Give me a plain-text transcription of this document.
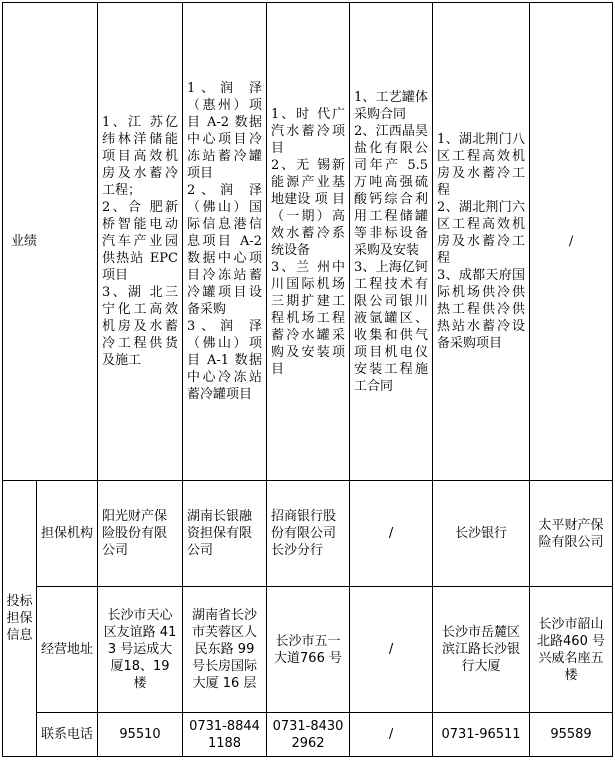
业绩		1、江 苏亿纬林洋储能项目高效机房及水蓄冷工程；
2、合 肥新桥智能电动汽车产业园供热站 EPC 项目
3、湖 北三宁化工高效机房及水蓄冷工程供货及施工	1、润 泽（惠州）项目 A-2 数据中心项目冷冻站蓄冷罐项目
2、润 泽（佛山）国际信息港信息项目 A-2 数据中心项目冷冻站蓄冷罐项目设备采购
3、润 泽（佛山）项目 A-1 数据中心冷冻站蓄冷罐项目	1、时 代广汽水蓄冷项目
2、无 锡新能源产业基地建设 项 目（一期）高效水蓄冷系统设备
3、兰 州中川国际机场三期扩建工程机场工程蓄冷水罐采购及安装项目	1、工艺罐体采购合同
2、江西晶昊盐化有限公司年产 5.5 万吨高强硫酸钙综合利用工程储罐等非标设备采购及安装
3、上海亿钶工程技术有限公司银川液氩罐区、收集和供气项目机电仪安装工程施工合同	1、湖北荆门八区工程高效机房及水蓄冷工程
2、湖北荆门六区工程高效机房及水蓄冷工程
3、成都天府国际机场供冷供热工程供冷供热站水蓄冷设备采购项目	/
投标担保信息	担保机构	阳光财产保险股份有限公司	湖南长银融资担保有限公司	招商银行股份有限公司长沙分行	/	长沙银行	太平财产保险有限公司
	经营地址	长沙市天心区友谊路 413 号运成大厦18、19 楼	湖南省长沙市芙蓉区人民东路 99 号长房国际大厦 16 层	长沙市五一大道766 号	/	长沙市岳麓区滨江路长沙银行大厦	长沙市韶山北路460 号兴威名座五楼
	联系电话	95510	0731-88441188	0731-84302962	/	0731-96511	95589
